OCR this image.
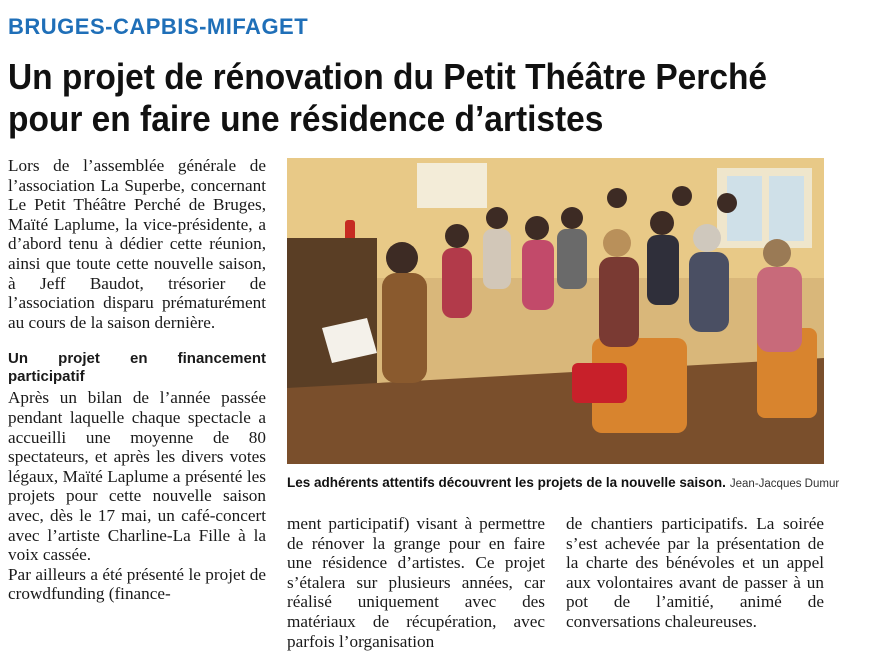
BRUGES-CAPBIS-MIFAGET
Un projet de rénovation du Petit Théâtre Perché pour en faire une résidence d’artistes

Lors de l’assemblée générale de l’association La Superbe, concernant Le Petit Théâtre Perché de Bruges, Maïté Laplume, la vice-présidente, a d’abord tenu à dédier cette réunion, ainsi que toute cette nouvelle saison, à Jeff Baudot, trésorier de l’association disparu prématurément au cours de la saison dernière.

Un projet en financement participatif

Après un bilan de l’année passée pendant laquelle chaque spectacle a accueilli une moyenne de 80 spectateurs, et après les divers votes légaux, Maïté Laplume a présenté les projets pour cette nouvelle saison avec, dès le 17 mai, un café-concert avec l’artiste Charline-La Fille à la voix cassée.

Par ailleurs a été présenté le projet de crowdfunding (finance-

Les adhérents attentifs découvrent les projets de la nouvelle saison. Jean-Jacques Dumur

ment participatif) visant à permettre de rénover la grange pour en faire une résidence d’artistes. Ce projet s’étalera sur plusieurs années, car réalisé uniquement avec des matériaux de récupération, avec parfois l’organisation

de chantiers participatifs. La soirée s’est achevée par la présentation de la charte des bénévoles et un appel aux volontaires avant de passer à un pot de l’amitié, animé de conversations chaleureuses.
